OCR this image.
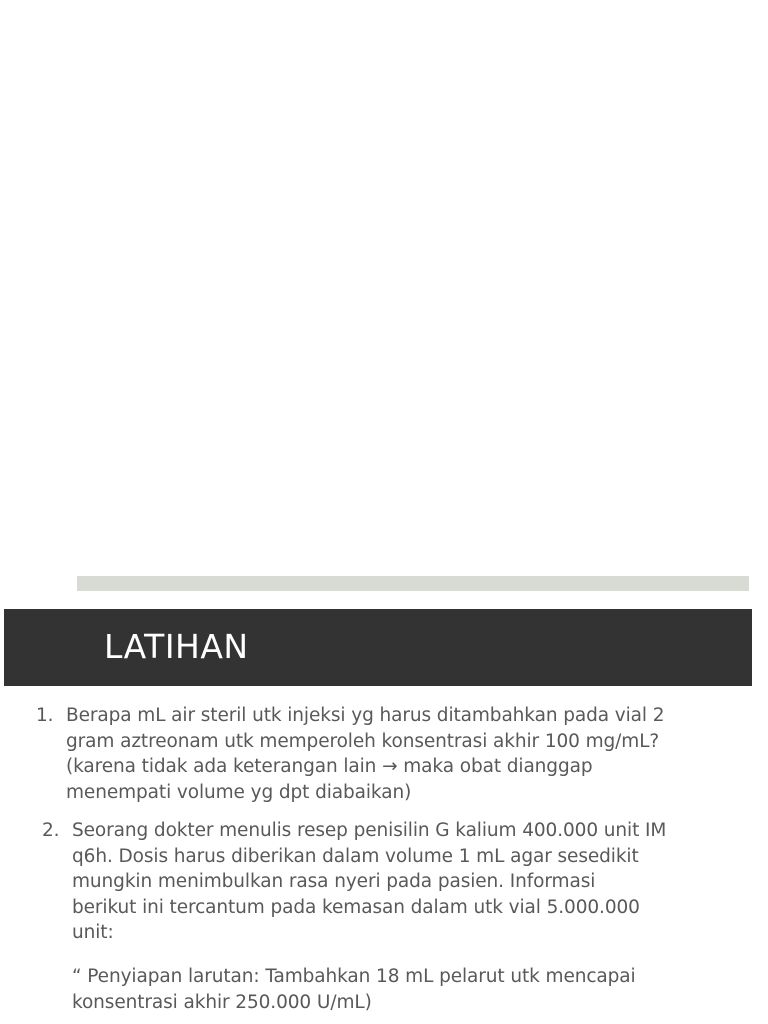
LATIHAN
1. Berapa mL air steril utk injeksi yg harus ditambahkan pada vial 2
gram aztreonam utk memperoleh konsentrasi akhir 100 mg/mL?
(karena tidak ada keterangan lain → maka obat dianggap
menempati volume yg dpt diabaikan)
2. Seorang dokter menulis resep penisilin G kalium 400.000 unit IM
q6h. Dosis harus diberikan dalam volume 1 mL agar sesedikit
mungkin menimbulkan rasa nyeri pada pasien. Informasi
berikut ini tercantum pada kemasan dalam utk vial 5.000.000
unit:
“ Penyiapan larutan: Tambahkan 18 mL pelarut utk mencapai
konsentrasi akhir 250.000 U/mL)
